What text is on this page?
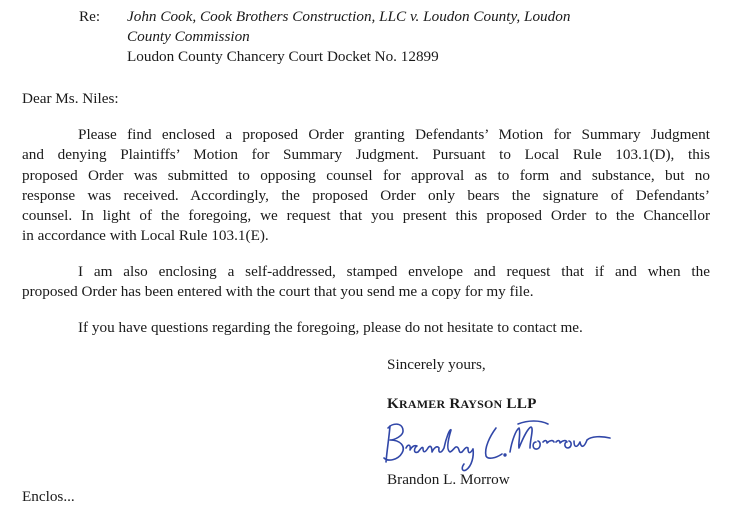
Re: John Cook, Cook Brothers Construction, LLC v. Loudon County, Loudon
County Commission
Loudon County Chancery Court Docket No. 12899
Dear Ms. Niles:
Please find enclosed a proposed Order granting Defendants’ Motion for Summary Judgment
and denying Plaintiffs’ Motion for Summary Judgment. Pursuant to Local Rule 103.1(D), this
proposed Order was submitted to opposing counsel for approval as to form and substance, but no
response was received. Accordingly, the proposed Order only bears the signature of Defendants’
counsel. In light of the foregoing, we request that you present this proposed Order to the Chancellor
in accordance with Local Rule 103.1(E).
I am also enclosing a self-addressed, stamped envelope and request that if and when the
proposed Order has been entered with the court that you send me a copy for my file.
If you have questions regarding the foregoing, please do not hesitate to contact me.
Sincerely yours,
KRAMER RAYSON LLP
Brandon L. Morrow
Enclos...
